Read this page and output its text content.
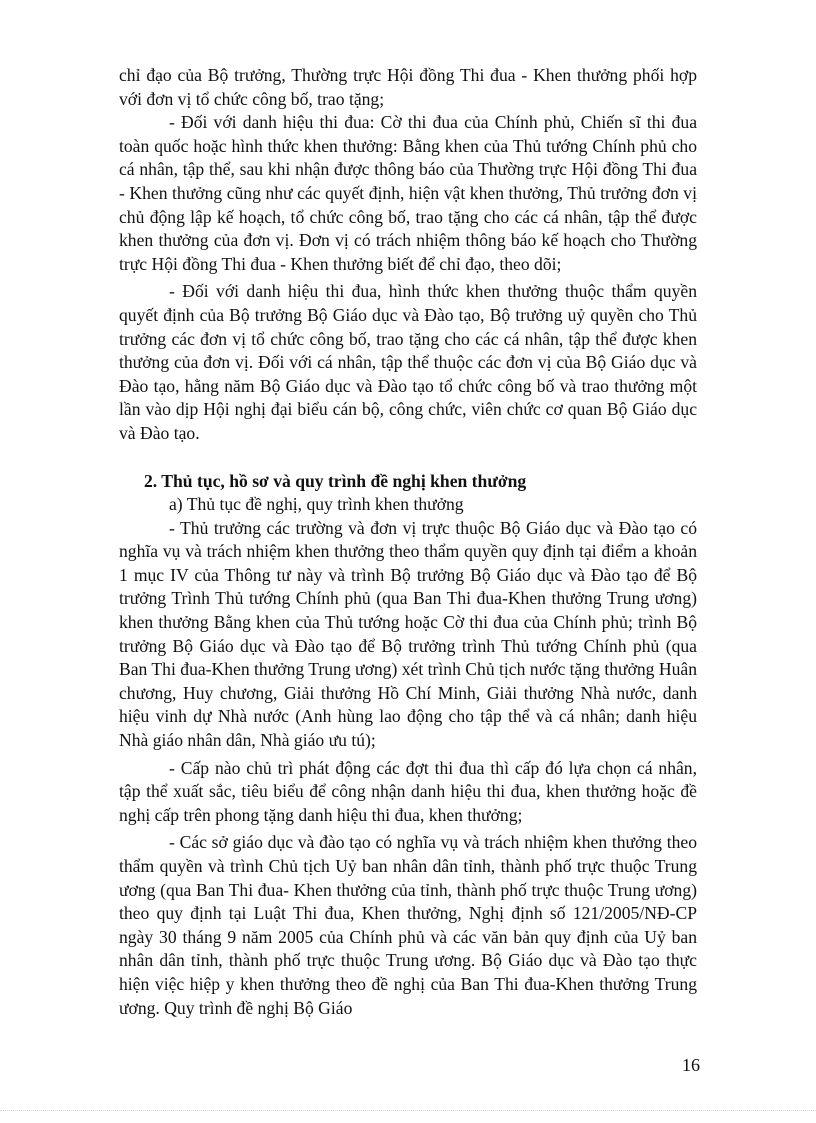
chỉ đạo của Bộ trưởng, Thường trực Hội đồng Thi đua - Khen thưởng phối hợp với đơn vị tổ chức công bố, trao tặng;

- Đối với danh hiệu thi đua: Cờ thi đua của Chính phủ, Chiến sĩ thi đua toàn quốc hoặc hình thức khen thưởng: Bằng khen của Thủ tướng Chính phủ cho cá nhân, tập thể, sau khi nhận được thông báo của Thường trực Hội đồng Thi đua - Khen thưởng cũng như các quyết định, hiện vật khen thưởng, Thủ trưởng đơn vị chủ động lập kế hoạch, tổ chức công bố, trao tặng cho các cá nhân, tập thể được khen thưởng của đơn vị. Đơn vị có trách nhiệm thông báo kế hoạch cho Thường trực Hội đồng Thi đua - Khen thưởng biết để chỉ đạo, theo dõi;

- Đối với danh hiệu thi đua, hình thức khen thưởng thuộc thẩm quyền quyết định của Bộ trưởng Bộ Giáo dục và Đào tạo, Bộ trưởng uỷ quyền cho Thủ trưởng các đơn vị tổ chức công bố, trao tặng cho các cá nhân, tập thể được khen thưởng của đơn vị. Đối với cá nhân, tập thể thuộc các đơn vị của Bộ Giáo dục và Đào tạo, hằng năm Bộ Giáo dục và Đào tạo tổ chức công bố và trao thưởng một lần vào dịp Hội nghị đại biểu cán bộ, công chức, viên chức cơ quan Bộ Giáo dục và Đào tạo.

2. Thủ tục, hồ sơ và quy trình đề nghị khen thưởng

a) Thủ tục đề nghị, quy trình khen thưởng

- Thủ trưởng các trường và đơn vị trực thuộc Bộ Giáo dục và Đào tạo có nghĩa vụ và trách nhiệm khen thưởng theo thẩm quyền quy định tại điểm a khoản 1 mục IV của Thông tư này và trình Bộ trưởng Bộ Giáo dục và Đào tạo để Bộ trưởng Trình Thủ tướng Chính phủ (qua Ban Thi đua-Khen thưởng Trung ương) khen thưởng Bằng khen của Thủ tướng hoặc Cờ thi đua của Chính phủ; trình Bộ trưởng Bộ Giáo dục và Đào tạo để Bộ trưởng trình Thủ tướng Chính phủ (qua Ban Thi đua-Khen thưởng Trung ương) xét trình Chủ tịch nước tặng thưởng Huân chương, Huy chương, Giải thưởng Hồ Chí Minh, Giải thưởng Nhà nước, danh hiệu vinh dự Nhà nước (Anh hùng lao động cho tập thể và cá nhân; danh hiệu Nhà giáo nhân dân, Nhà giáo ưu tú);

- Cấp nào chủ trì phát động các đợt thi đua thì cấp đó lựa chọn cá nhân, tập thể xuất sắc, tiêu biểu để công nhận danh hiệu thi đua, khen thưởng hoặc đề nghị cấp trên phong tặng danh hiệu thi đua, khen thưởng;

- Các sở giáo dục và đào tạo có nghĩa vụ và trách nhiệm khen thưởng theo thẩm quyền và trình Chủ tịch Uỷ ban nhân dân tỉnh, thành phố trực thuộc Trung ương (qua Ban Thi đua- Khen thưởng của tỉnh, thành phố trực thuộc Trung ương) theo quy định tại Luật Thi đua, Khen thưởng, Nghị định số 121/2005/NĐ-CP ngày 30 tháng 9 năm 2005 của Chính phủ và các văn bản quy định của Uỷ ban nhân dân tỉnh, thành phố trực thuộc Trung ương. Bộ Giáo dục và Đào tạo thực hiện việc hiệp y khen thưởng theo đề nghị của Ban Thi đua-Khen thưởng Trung ương. Quy trình đề nghị Bộ Giáo

16
